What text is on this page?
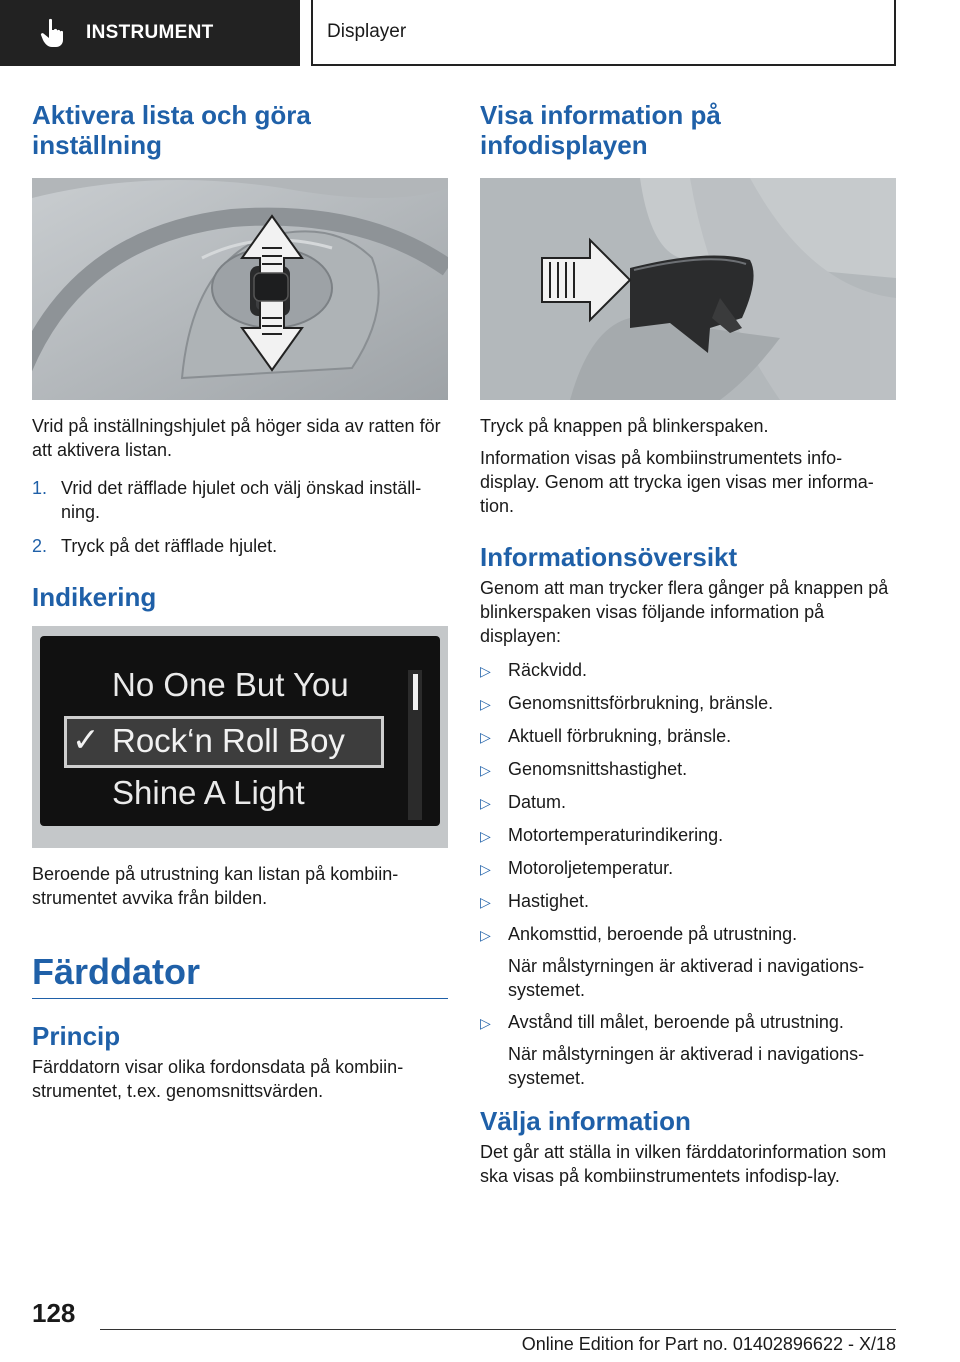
INSTRUMENT	Displayer
Aktivera lista och göra inställning

Vrid på inställningshjulet på höger sida av ratten för att aktivera listan.

1. Vrid det räfflade hjulet och välj önskad inställ‐ning.
2. Tryck på det räfflade hjulet.
Indikering
No One But You
✓ Rock‘n Roll Boy
Shine A Light

Beroende på utrustning kan listan på kombiin‐strumentet avvika från bilden.

Färddator
Princip

Färddatorn visar olika fordonsdata på kombiin‐strumentet, t.ex. genomsnittsvärden.

Visa information på infodisplayen

Tryck på knappen på blinkerspaken.

Information visas på kombiinstrumentets info‐display. Genom att trycka igen visas mer informa‐tion.

Informationsöversikt

Genom att man trycker flera gånger på knappen på blinkerspaken visas följande information på displayen:

▷ Räckvidd.
▷ Genomsnittsförbrukning, bränsle.
▷ Aktuell förbrukning, bränsle.
▷ Genomsnittshastighet.
▷ Datum.
▷ Motortemperaturindikering.
▷ Motoroljetemperatur.
▷ Hastighet.
▷ Ankomsttid, beroende på utrustning.
När målstyrningen är aktiverad i navigations‐systemet.
▷ Avstånd till målet, beroende på utrustning.
När målstyrningen är aktiverad i navigations‐systemet.
Välja information

Det går att ställa in vilken färddatorinformation som ska visas på kombiinstrumentets infodisp‐lay.

128
Online Edition for Part no. 01402896622 - X/18
